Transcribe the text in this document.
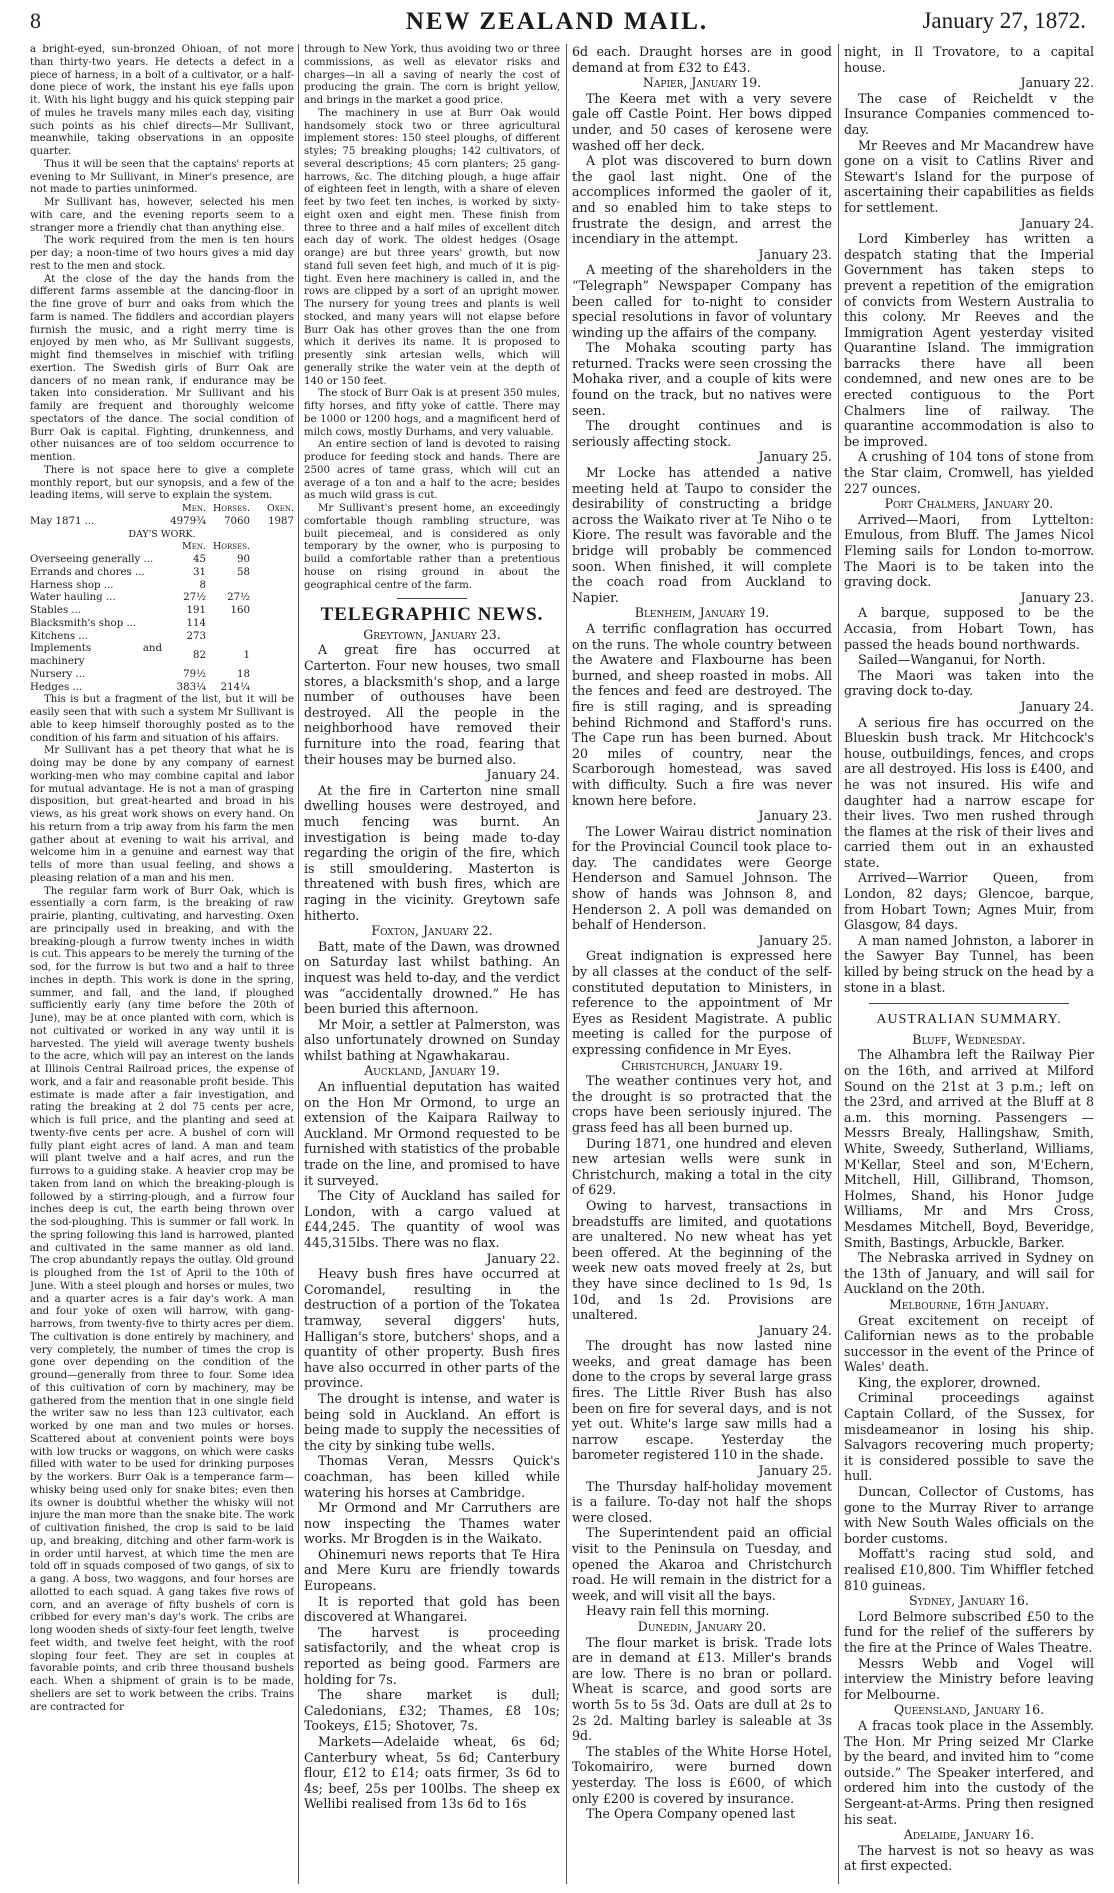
8	NEW ZEALAND MAIL.	January 27, 1872.

a bright-eyed, sun-bronzed Ohioan, of not more than thirty-two years. He detects a defect in a piece of harness, in a bolt of a cultivator, or a half-done piece of work, the instant his eye falls upon it. With his light buggy and his quick stepping pair of mules he travels many miles each day, visiting such points as his chief directs—Mr Sullivant, meanwhile, taking observations in an opposite quarter.

Thus it will be seen that the captains' reports at evening to Mr Sullivant, in Miner's presence, are not made to parties uninformed.

Mr Sullivant has, however, selected his men with care, and the evening reports seem to a stranger more a friendly chat than anything else.

The work required from the men is ten hours per day; a noon-time of two hours gives a mid day rest to the men and stock.

At the close of the day the hands from the different farms assemble at the dancing-floor in the fine grove of burr and oaks from which the farm is named. The fiddlers and accordian players furnish the music, and a right merry time is enjoyed by men who, as Mr Sullivant suggests, might find themselves in mischief with trifling exertion. The Swedish girls of Burr Oak are dancers of no mean rank, if endurance may be taken into consideration. Mr Sullivant and his family are frequent and thoroughly welcome spectators of the dance. The social condition of Burr Oak is capital. Fighting, drunkenness, and other nuisances are of too seldom occurrence to mention.

There is not space here to give a complete monthly report, but our synopsis, and a few of the leading items, will serve to explain the system.

	Men.	Horses.	Oxen.
May 1871 ...	4979¾	7060	1987
DAY'S WORK.			
	Men.	Horses.	
Overseeing generally ...	45	90	
Errands and chores ...	31	58	
Harness shop ...	8		
Water hauling ...	27½	27½	
Stables ...	191	160	
Blacksmith's shop ...	114		
Kitchens ...	273		
Implements and machinery	82	1	
Nursery ...	79½	18	
Hedges ...	383¼	214¼	

This is but a fragment of the list, but it will be easily seen that with such a system Mr Sullivant is able to keep himself thoroughly posted as to the condition of his farm and situation of his affairs.

Mr Sullivant has a pet theory that what he is doing may be done by any company of earnest working-men who may combine capital and labor for mutual advantage. He is not a man of grasping disposition, but great-hearted and broad in his views, as his great work shows on every hand. On his return from a trip away from his farm the men gather about at evening to wait his arrival, and welcome him in a genuine and earnest way that tells of more than usual feeling, and shows a pleasing relation of a man and his men.

The regular farm work of Burr Oak, which is essentially a corn farm, is the breaking of raw prairie, planting, cultivating, and harvesting. Oxen are principally used in breaking, and with the breaking-plough a furrow twenty inches in width is cut. This appears to be merely the turning of the sod, for the furrow is but two and a half to three inches in depth. This work is done in the spring, summer, and fall, and the land, if ploughed sufficiently early (any time before the 20th of June), may be at once planted with corn, which is not cultivated or worked in any way until it is harvested. The yield will average twenty bushels to the acre, which will pay an interest on the lands at Illinois Central Railroad prices, the expense of work, and a fair and reasonable profit beside. This estimate is made after a fair investigation, and rating the breaking at 2 dol 75 cents per acre, which is full price, and the planting and seed at twenty-five cents per acre. A bushel of corn will fully plant eight acres of land. A man and team will plant twelve and a half acres, and run the furrows to a guiding stake. A heavier crop may be taken from land on which the breaking-plough is followed by a stirring-plough, and a furrow four inches deep is cut, the earth being thrown over the sod-ploughing. This is summer or fall work. In the spring following this land is harrowed, planted and cultivated in the same manner as old land. The crop abundantly repays the outlay. Old ground is ploughed from the 1st of April to the 10th of June. With a steel plough and horses or mules, two and a quarter acres is a fair day's work. A man and four yoke of oxen will harrow, with gang-harrows, from twenty-five to thirty acres per diem. The cultivation is done entirely by machinery, and very completely, the number of times the crop is gone over depending on the condition of the ground—generally from three to four. Some idea of this cultivation of corn by machinery, may be gathered from the mention that in one single field the writer saw no less than 123 cultivator, each worked by one man and two mules or horses. Scattered about at convenient points were boys with low trucks or waggons, on which were casks filled with water to be used for drinking purposes by the workers. Burr Oak is a temperance farm—whisky being used only for snake bites; even then its owner is doubtful whether the whisky will not injure the man more than the snake bite. The work of cultivation finished, the crop is said to be laid up, and breaking, ditching and other farm-work is in order until harvest, at which time the men are told off in squads composed of two gangs, of six to a gang. A boss, two waggons, and four horses are allotted to each squad. A gang takes five rows of corn, and an average of fifty bushels of corn is cribbed for every man's day's work. The cribs are long wooden sheds of sixty-four feet length, twelve feet width, and twelve feet height, with the roof sloping four feet. They are set in couples at favorable points, and crib three thousand bushels each. When a shipment of grain is to be made, shellers are set to work between the cribs. Trains are contracted for

through to New York, thus avoiding two or three commissions, as well as elevator risks and charges—in all a saving of nearly the cost of producing the grain. The corn is bright yellow, and brings in the market a good price.

The machinery in use at Burr Oak would handsomely stock two or three agricultural implement stores: 150 steel ploughs, of different styles; 75 breaking ploughs; 142 cultivators, of several descriptions; 45 corn planters; 25 gang-harrows, &c. The ditching plough, a huge affair of eighteen feet in length, with a share of eleven feet by two feet ten inches, is worked by sixty-eight oxen and eight men. These finish from three to three and a half miles of excellent ditch each day of work. The oldest hedges (Osage orange) are but three years' growth, but now stand full seven feet high, and much of it is pig-tight. Even here machinery is called in, and the rows are clipped by a sort of an upright mower. The nursery for young trees and plants is well stocked, and many years will not elapse before Burr Oak has other groves than the one from which it derives its name. It is proposed to presently sink artesian wells, which will generally strike the water vein at the depth of 140 or 150 feet.

The stock of Burr Oak is at present 350 mules, fifty horses, and fifty yoke of cattle. There may be 1000 or 1200 hogs, and a magnificent herd of milch cows, mostly Durhams, and very valuable.

An entire section of land is devoted to raising produce for feeding stock and hands. There are 2500 acres of tame grass, which will cut an average of a ton and a half to the acre; besides as much wild grass is cut.

Mr Sullivant's present home, an exceedingly comfortable though rambling structure, was built piecemeal, and is considered as only temporary by the owner, who is purposing to build a comfortable rather than a pretentious house on rising ground in about the geographical centre of the farm.

TELEGRAPHIC NEWS.

Greytown, January 23.

A great fire has occurred at Carterton. Four new houses, two small stores, a blacksmith's shop, and a large number of outhouses have been destroyed. All the people in the neighborhood have removed their furniture into the road, fearing that their houses may be burned also.

January 24.

At the fire in Carterton nine small dwelling houses were destroyed, and much fencing was burnt. An investigation is being made to-day regarding the origin of the fire, which is still smouldering. Masterton is threatened with bush fires, which are raging in the vicinity. Greytown safe hitherto.

Foxton, January 22.

Batt, mate of the Dawn, was drowned on Saturday last whilst bathing. An inquest was held to-day, and the verdict was “accidentally drowned.” He has been buried this afternoon.

Mr Moir, a settler at Palmerston, was also unfortunately drowned on Sunday whilst bathing at Ngawhakarau.

Auckland, January 19.

An influential deputation has waited on the Hon Mr Ormond, to urge an extension of the Kaipara Railway to Auckland. Mr Ormond requested to be furnished with statistics of the probable trade on the line, and promised to have it surveyed.

The City of Auckland has sailed for London, with a cargo valued at £44,245. The quantity of wool was 445,315lbs. There was no flax.

January 22.

Heavy bush fires have occurred at Coromandel, resulting in the destruction of a portion of the Tokatea tramway, several diggers' huts, Halligan's store, butchers' shops, and a quantity of other property. Bush fires have also occurred in other parts of the province.

The drought is intense, and water is being sold in Auckland. An effort is being made to supply the necessities of the city by sinking tube wells.

Thomas Veran, Messrs Quick's coachman, has been killed while watering his horses at Cambridge.

Mr Ormond and Mr Carruthers are now inspecting the Thames water works. Mr Brogden is in the Waikato.

Ohinemuri news reports that Te Hira and Mere Kuru are friendly towards Europeans.

It is reported that gold has been discovered at Whangarei.

The harvest is proceeding satisfactorily, and the wheat crop is reported as being good. Farmers are holding for 7s.

The share market is dull; Caledonians, £32; Thames, £8 10s; Tookeys, £15; Shotover, 7s.

Markets—Adelaide wheat, 6s 6d; Canterbury wheat, 5s 6d; Canterbury flour, £12 to £14; oats firmer, 3s 6d to 4s; beef, 25s per 100lbs. The sheep ex Wellibi realised from 13s 6d to 16s

6d each. Draught horses are in good demand at from £32 to £43.

Napier, January 19.

The Keera met with a very severe gale off Castle Point. Her bows dipped under, and 50 cases of kerosene were washed off her deck.

A plot was discovered to burn down the gaol last night. One of the accomplices informed the gaoler of it, and so enabled him to take steps to frustrate the design, and arrest the incendiary in the attempt.

January 23.

A meeting of the shareholders in the “Telegraph” Newspaper Company has been called for to-night to consider special resolutions in favor of voluntary winding up the affairs of the company.

The Mohaka scouting party has returned. Tracks were seen crossing the Mohaka river, and a couple of kits were found on the track, but no natives were seen.

The drought continues and is seriously affecting stock.

January 25.

Mr Locke has attended a native meeting held at Taupo to consider the desirability of constructing a bridge across the Waikato river at Te Niho o te Kiore. The result was favorable and the bridge will probably be commenced soon. When finished, it will complete the coach road from Auckland to Napier.

Blenheim, January 19.

A terrific conflagration has occurred on the runs. The whole country between the Awatere and Flaxbourne has been burned, and sheep roasted in mobs. All the fences and feed are destroyed. The fire is still raging, and is spreading behind Richmond and Stafford's runs. The Cape run has been burned. About 20 miles of country, near the Scarborough homestead, was saved with difficulty. Such a fire was never known here before.

January 23.

The Lower Wairau district nomination for the Provincial Council took place to-day. The candidates were George Henderson and Samuel Johnson. The show of hands was Johnson 8, and Henderson 2. A poll was demanded on behalf of Henderson.

January 25.

Great indignation is expressed here by all classes at the conduct of the self-constituted deputation to Ministers, in reference to the appointment of Mr Eyes as Resident Magistrate. A public meeting is called for the purpose of expressing confidence in Mr Eyes.

Christchurch, January 19.

The weather continues very hot, and the drought is so protracted that the crops have been seriously injured. The grass feed has all been burned up.

During 1871, one hundred and eleven new artesian wells were sunk in Christchurch, making a total in the city of 629.

Owing to harvest, transactions in breadstuffs are limited, and quotations are unaltered. No new wheat has yet been offered. At the beginning of the week new oats moved freely at 2s, but they have since declined to 1s 9d, 1s 10d, and 1s 2d. Provisions are unaltered.

January 24.

The drought has now lasted nine weeks, and great damage has been done to the crops by several large grass fires. The Little River Bush has also been on fire for several days, and is not yet out. White's large saw mills had a narrow escape. Yesterday the barometer registered 110 in the shade.

January 25.

The Thursday half-holiday movement is a failure. To-day not half the shops were closed.

The Superintendent paid an official visit to the Peninsula on Tuesday, and opened the Akaroa and Christchurch road. He will remain in the district for a week, and will visit all the bays.

Heavy rain fell this morning.

Dunedin, January 20.

The flour market is brisk. Trade lots are in demand at £13. Miller's brands are low. There is no bran or pollard. Wheat is scarce, and good sorts are worth 5s to 5s 3d. Oats are dull at 2s to 2s 2d. Malting barley is saleable at 3s 9d.

The stables of the White Horse Hotel, Tokomairiro, were burned down yesterday. The loss is £600, of which only £200 is covered by insurance.

The Opera Company opened last

night, in Il Trovatore, to a capital house.

January 22.

The case of Reicheldt v the Insurance Companies commenced to-day.

Mr Reeves and Mr Macandrew have gone on a visit to Catlins River and Stewart's Island for the purpose of ascertaining their capabilities as fields for settlement.

January 24.

Lord Kimberley has written a despatch stating that the Imperial Government has taken steps to prevent a repetition of the emigration of convicts from Western Australia to this colony. Mr Reeves and the Immigration Agent yesterday visited Quarantine Island. The immigration barracks there have all been condemned, and new ones are to be erected contiguous to the Port Chalmers line of railway. The quarantine accommodation is also to be improved.

A crushing of 104 tons of stone from the Star claim, Cromwell, has yielded 227 ounces.

Port Chalmers, January 20.

Arrived—Maori, from Lyttelton: Emulous, from Bluff. The James Nicol Fleming sails for London to-morrow. The Maori is to be taken into the graving dock.

January 23.

A barque, supposed to be the Accasia, from Hobart Town, has passed the heads bound northwards.

Sailed—Wanganui, for North.

The Maori was taken into the graving dock to-day.

January 24.

A serious fire has occurred on the Blueskin bush track. Mr Hitchcock's house, outbuildings, fences, and crops are all destroyed. His loss is £400, and he was not insured. His wife and daughter had a narrow escape for their lives. Two men rushed through the flames at the risk of their lives and carried them out in an exhausted state.

Arrived—Warrior Queen, from London, 82 days; Glencoe, barque, from Hobart Town; Agnes Muir, from Glasgow, 84 days.

A man named Johnston, a laborer in the Sawyer Bay Tunnel, has been killed by being struck on the head by a stone in a blast.

AUSTRALIAN SUMMARY.

Bluff, Wednesday.

The Alhambra left the Railway Pier on the 16th, and arrived at Milford Sound on the 21st at 3 p.m.; left on the 23rd, and arrived at the Bluff at 8 a.m. this morning. Passengers — Messrs Brealy, Hallingshaw, Smith, White, Sweedy, Sutherland, Williams, M'Kellar, Steel and son, M'Echern, Mitchell, Hill, Gillibrand, Thomson, Holmes, Shand, his Honor Judge Williams, Mr and Mrs Cross, Mesdames Mitchell, Boyd, Beveridge, Smith, Bastings, Arbuckle, Barker.

The Nebraska arrived in Sydney on the 13th of January, and will sail for Auckland on the 20th.

Melbourne, 16th January.

Great excitement on receipt of Californian news as to the probable successor in the event of the Prince of Wales' death.

King, the explorer, drowned.

Criminal proceedings against Captain Collard, of the Sussex, for misdeameanor in losing his ship. Salvagors recovering much property; it is considered possible to save the hull.

Duncan, Collector of Customs, has gone to the Murray River to arrange with New South Wales officials on the border customs.

Moffatt's racing stud sold, and realised £10,800. Tim Whiffler fetched 810 guineas.

Sydney, January 16.

Lord Belmore subscribed £50 to the fund for the relief of the sufferers by the fire at the Prince of Wales Theatre.

Messrs Webb and Vogel will interview the Ministry before leaving for Melbourne.

Queensland, January 16.

A fracas took place in the Assembly. The Hon. Mr Pring seized Mr Clarke by the beard, and invited him to “come outside.” The Speaker interfered, and ordered him into the custody of the Sergeant-at-Arms. Pring then resigned his seat.

Adelaide, January 16.

The harvest is not so heavy as was at first expected.
